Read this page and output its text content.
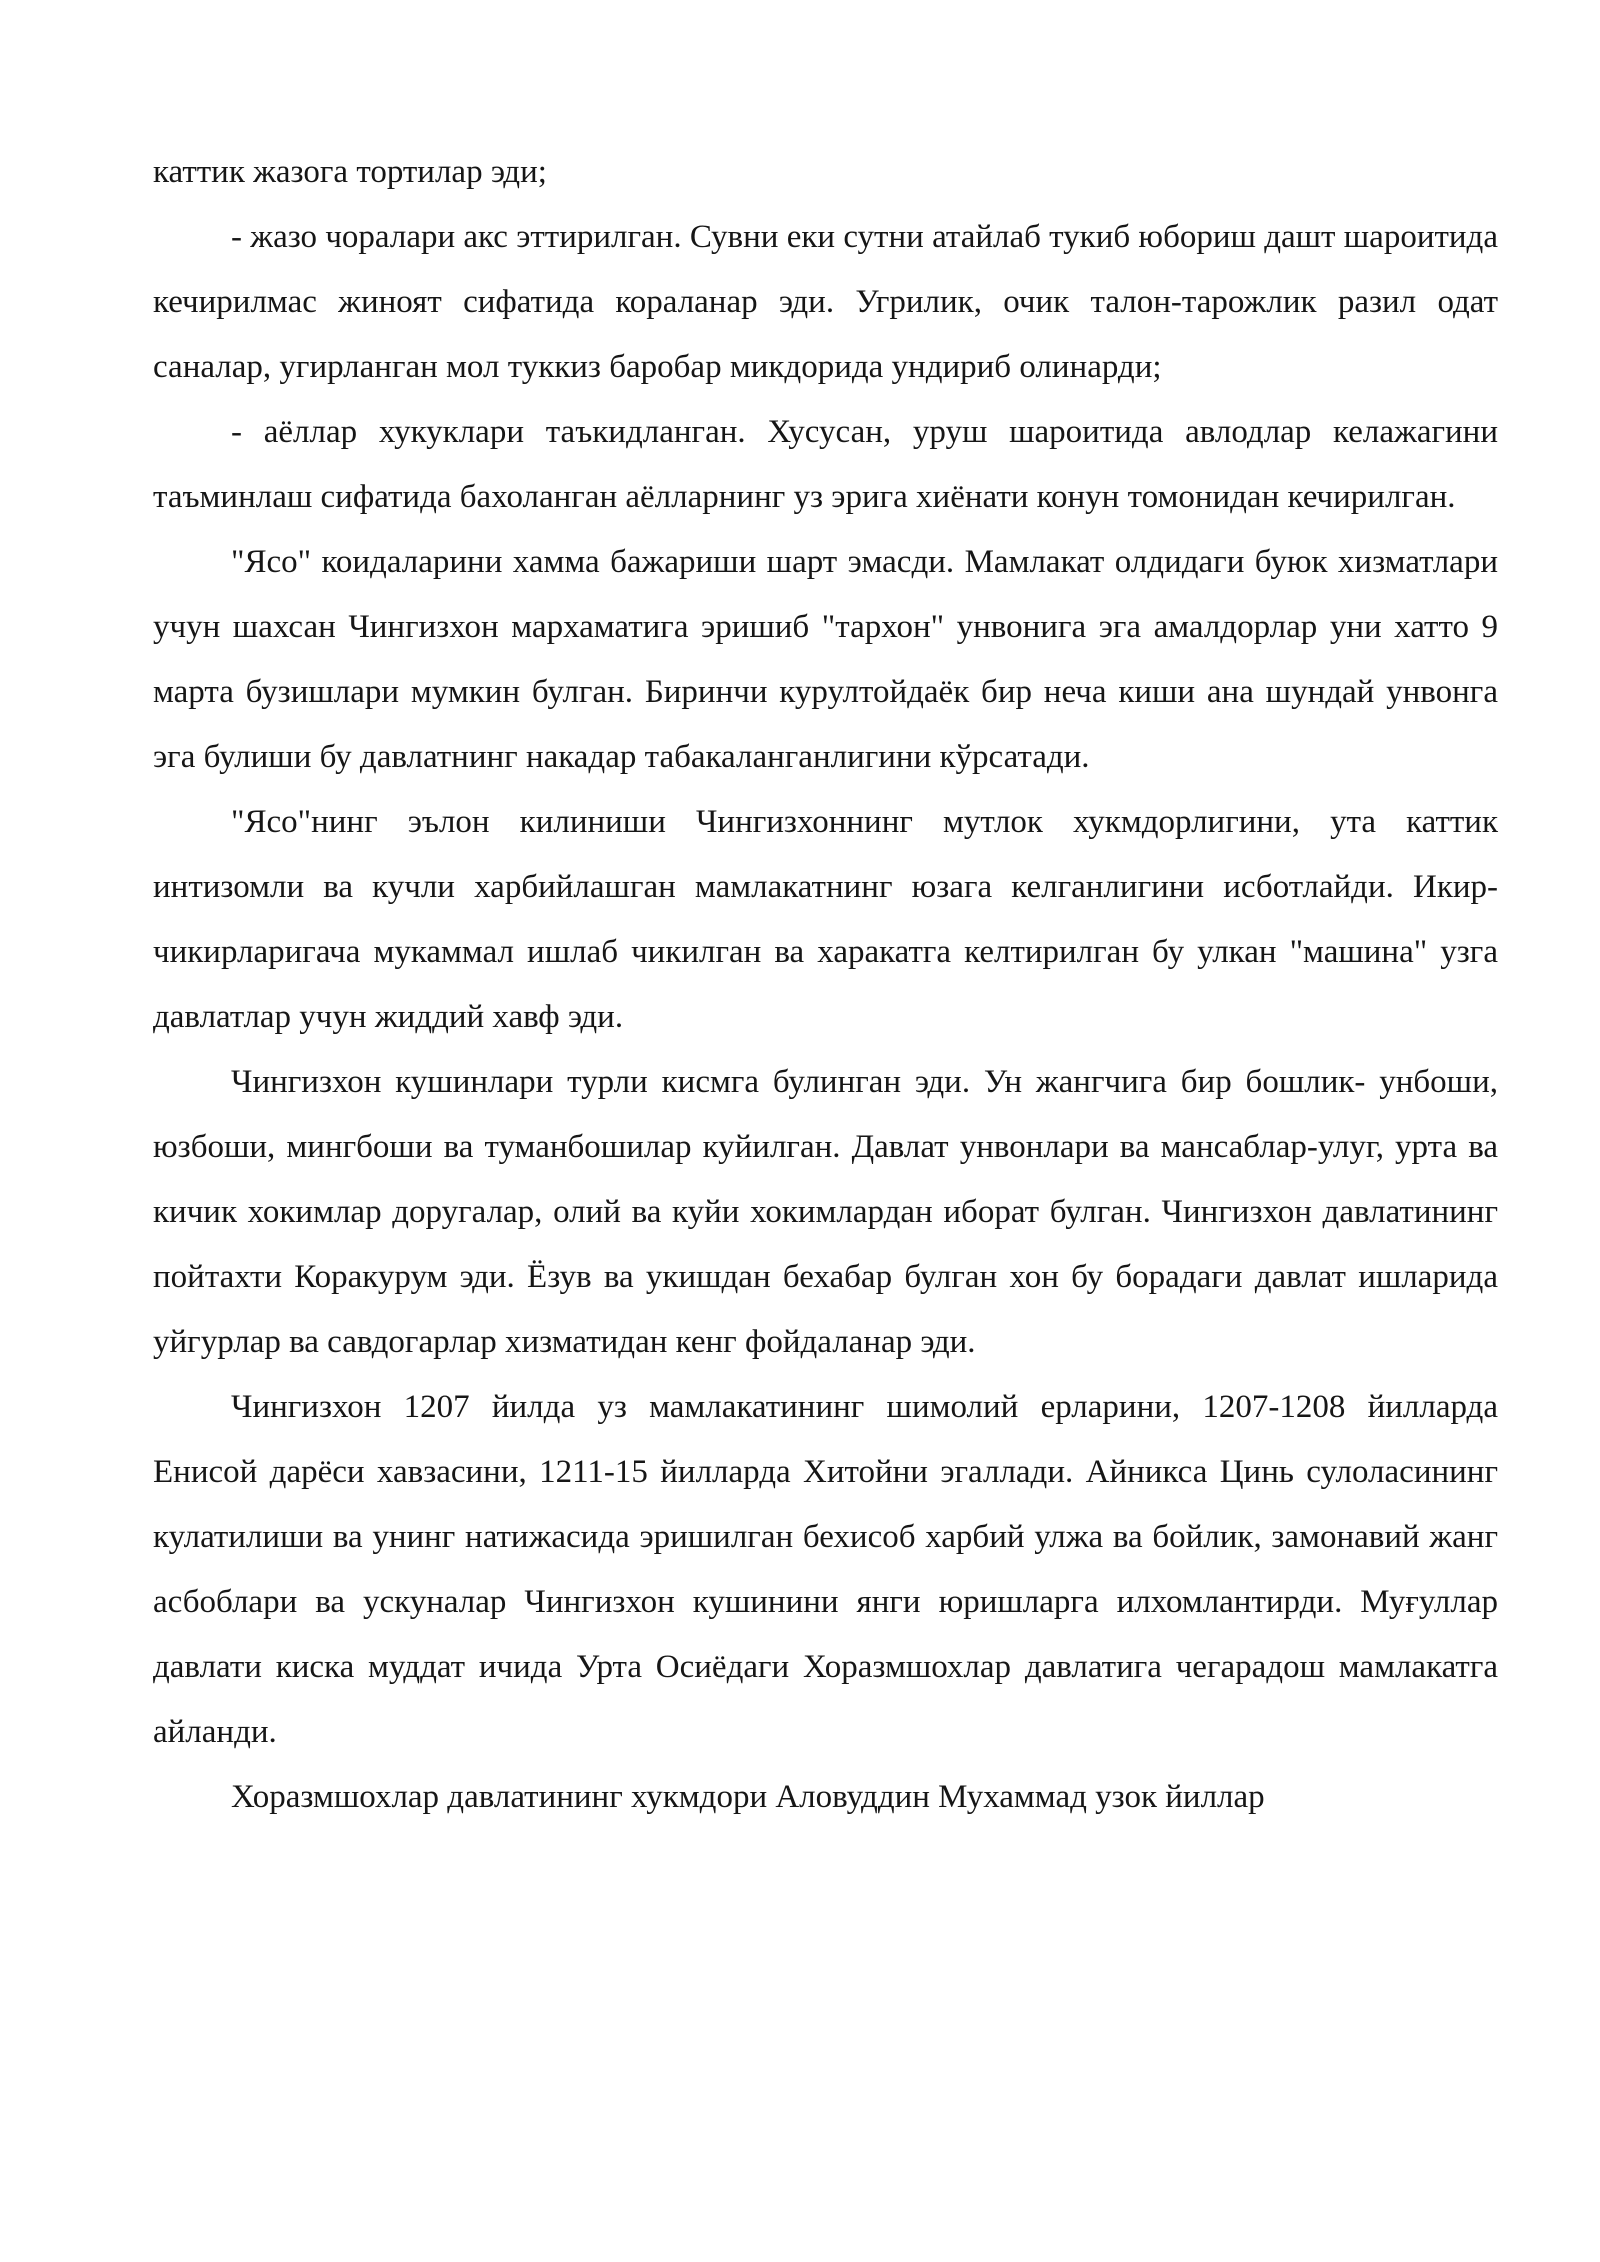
каттик жазога тортилар эди;

- жазо чоралари акс эттирилган. Сувни еки сутни атайлаб тукиб юбориш дашт шароитида кечирилмас жиноят сифатида кораланар эди. Угрилик, очик талон-тарожлик разил одат саналар, угирланган мол туккиз баробар микдорида ундириб олинарди;

- аёллар хукуклари таъкидланган. Хусусан, уруш шароитида авлодлар келажагини таъминлаш сифатида бахоланган аёлларнинг уз эрига хиёнати конун томонидан кечирилган.

"Ясо" коидаларини хамма бажариши шарт эмасди. Мамлакат олдидаги буюк хизматлари учун шахсан Чингизхон мархаматига эришиб "тархон" унвонига эга амалдорлар уни хатто 9 марта бузишлари мумкин булган. Биринчи курултойдаёк бир неча киши ана шундай унвонга эга булиши бу давлатнинг накадар табакаланганлигини кўрсатади.

"Ясо"нинг эълон килиниши Чингизхоннинг мутлок хукмдорлигини, ута каттик интизомли ва кучли харбийлашган мамлакатнинг юзага келганлигини исботлайди. Икир-чикирларигача мукаммал ишлаб чикилган ва харакатга келтирилган бу улкан "машина" узга давлатлар учун жиддий хавф эди.

Чингизхон кушинлари турли кисмга булинган эди. Ун жангчига бир бошлик- унбоши, юзбоши, мингбоши ва туманбошилар куйилган. Давлат унвонлари ва мансаблар-улуг, урта ва кичик хокимлар доругалар, олий ва куйи хокимлардан иборат булган. Чингизхон давлатининг пойтахти Коракурум эди. Ёзув ва укишдан бехабар булган хон бу борадаги давлат ишларида уйгурлар ва савдогарлар хизматидан кенг фойдаланар эди.

Чингизхон 1207 йилда уз мамлакатининг шимолий ерларини, 1207-1208 йилларда Енисой дарёси хавзасини, 1211-15 йилларда Хитойни эгаллади. Айникса Цинь сулоласининг кулатилиши ва унинг натижасида эришилган бехисоб харбий улжа ва бойлик, замонавий жанг асбоблари ва ускуналар Чингизхон кушинини янги юришларга илхомлантирди. Муғуллар давлати киска муддат ичида Урта Осиёдаги Хоразмшохлар давлатига чегарадош мамлакатга айланди.

Хоразмшохлар давлатининг хукмдори Аловуддин Мухаммад узок йиллар
